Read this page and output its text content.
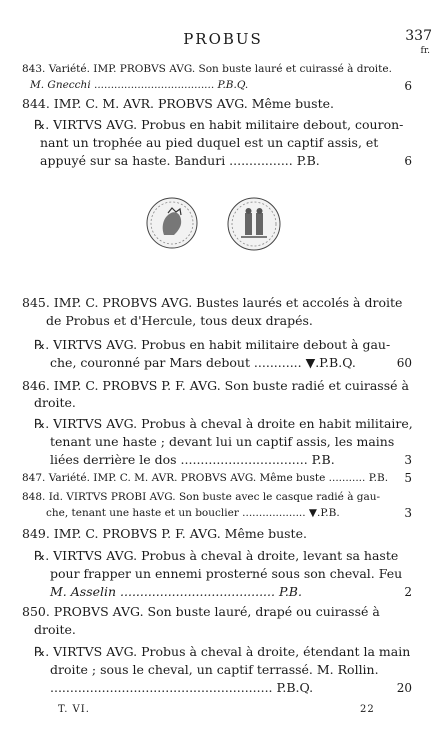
PROBUS	337
fr.
843. Variété. IMP. PROBVS AVG. Son buste lauré et cuirassé à droite.
M. Gnecchi .................................... P.B.Q.	6
844. IMP. C. M. AVR. PROBVS AVG. Même buste.
℞. VIRTVS AVG. Probus en habit militaire debout, couron-
nant un trophée au pied duquel est un captif assis, et
appuyé sur sa haste. Banduri ................ P.B.	6
845. IMP. C. PROBVS AVG. Bustes laurés et accolés à droite
de Probus et d'Hercule, tous deux drapés.
℞. VIRTVS AVG. Probus en habit militaire debout à gau-
che, couronné par Mars debout ............ ▼.P.B.Q.	60
846. IMP. C. PROBVS P. F. AVG. Son buste radié et cuirassé à
droite.
℞. VIRTVS AVG. Probus à cheval à droite en habit militaire,
tenant une haste ; devant lui un captif assis, les mains
liées derrière le dos ................................ P.B.	3
847. Variété. IMP. C. M. AVR. PROBVS AVG. Même buste ........... P.B. 5
848. Id. VIRTVS PROBI AVG. Son buste avec le casque radié à gau-
che, tenant une haste et un bouclier ................... ▼.P.B.	3
849. IMP. C. PROBVS P. F. AVG. Même buste.
℞. VIRTVS AVG. Probus à cheval à droite, levant sa haste
pour frapper un ennemi prosterné sous son cheval. Feu
M. Asselin ....................................... P.B.	2
850. PROBVS AVG. Son buste lauré, drapé ou cuirassé à
droite.
℞. VIRTVS AVG. Probus à cheval à droite, étendant la main
droite ; sous le cheval, un captif terrassé. M. Rollin.
........................................................ P.B.Q.	20
T. VI.	22
